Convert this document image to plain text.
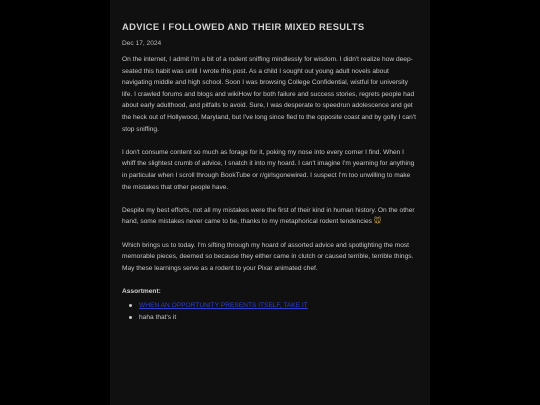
ADVICE I FOLLOWED AND THEIR MIXED RESULTS

Dec 17, 2024

On the internet, I admit I'm a bit of a rodent sniffing mindlessly for wisdom. I didn't realize how deep-seated this habit was until I wrote this post. As a child I sought out young adult novels about navigating middle and high school. Soon I was browsing College Confidential, wistful for university life. I crawled forums and blogs and wikiHow for both failure and success stories, regrets people had about early adulthood, and pitfalls to avoid. Sure, I was desperate to speedrun adolescence and get the heck out of Hollywood, Maryland, but I've long since fled to the opposite coast and by golly I can't stop sniffing.

I don't consume content so much as forage for it, poking my nose into every corner I find. When I whiff the slightest crumb of advice, I snatch it into my hoard. I can't imagine I'm yearning for anything in particular when I scroll through BookTube or r/girlsgonewired. I suspect I'm too unwilling to make the mistakes that other people have.

Despite my best efforts, not all my mistakes were the first of their kind in human history. On the other hand, some mistakes never came to be, thanks to my metaphorical rodent tendencies 🐭

Which brings us to today. I'm sifting through my hoard of assorted advice and spotlighting the most memorable pieces, deemed so because they either came in clutch or caused terrible, terrible things. May these learnings serve as a rodent to your Pixar animated chef.

Assortment:

WHEN AN OPPORTUNITY PRESENTS ITSELF, TAKE IT
haha that's it
